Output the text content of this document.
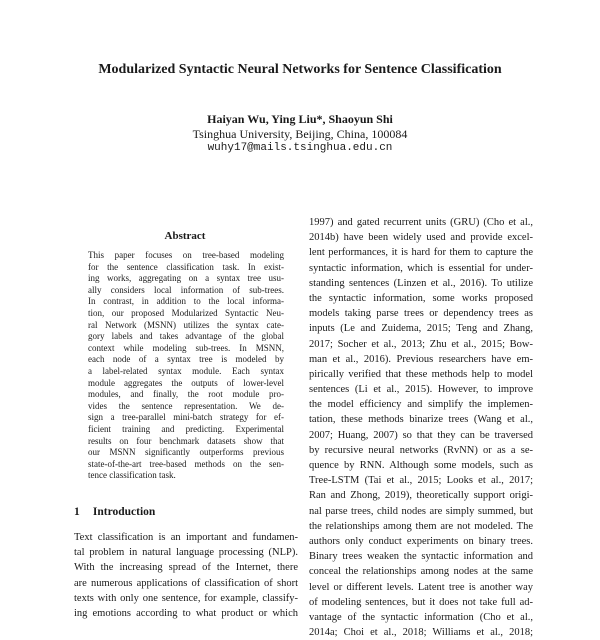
Modularized Syntactic Neural Networks for Sentence Classification
Haiyan Wu, Ying Liu*, Shaoyun Shi
Tsinghua University, Beijing, China, 100084
wuhy17@mails.tsinghua.edu.cn
Abstract
This paper focuses on tree-based modeling
for the sentence classification task. In exist-
ing works, aggregating on a syntax tree usu-
ally considers local information of sub-trees.
In contrast, in addition to the local informa-
tion, our proposed Modularized Syntactic Neu-
ral Network (MSNN) utilizes the syntax cate-
gory labels and takes advantage of the global
context while modeling sub-trees. In MSNN,
each node of a syntax tree is modeled by
a label-related syntax module. Each syntax
module aggregates the outputs of lower-level
modules, and finally, the root module pro-
vides the sentence representation. We de-
sign a tree-parallel mini-batch strategy for ef-
ficient training and predicting. Experimental
results on four benchmark datasets show that
our MSNN significantly outperforms previous
state-of-the-art tree-based methods on the sen-
tence classification task.
1 Introduction
Text classification is an important and fundamen-
tal problem in natural language processing (NLP).
With the increasing spread of the Internet, there
are numerous applications of classification of short
texts with only one sentence, for example, classify-
ing emotions according to what product or which
1997) and gated recurrent units (GRU) (Cho et al.,
2014b) have been widely used and provide excel-
lent performances, it is hard for them to capture the
syntactic information, which is essential for under-
standing sentences (Linzen et al., 2016). To utilize
the syntactic information, some works proposed
models taking parse trees or dependency trees as
inputs (Le and Zuidema, 2015; Teng and Zhang,
2017; Socher et al., 2013; Zhu et al., 2015; Bow-
man et al., 2016). Previous researchers have em-
pirically verified that these methods help to model
sentences (Li et al., 2015). However, to improve
the model efficiency and simplify the implemen-
tation, these methods binarize trees (Wang et al.,
2007; Huang, 2007) so that they can be traversed
by recursive neural networks (RvNN) or as a se-
quence by RNN. Although some models, such as
Tree-LSTM (Tai et al., 2015; Looks et al., 2017;
Ran and Zhong, 2019), theoretically support origi-
nal parse trees, child nodes are simply summed, but
the relationships among them are not modeled. The
authors only conduct experiments on binary trees.
Binary trees weaken the syntactic information and
conceal the relationships among nodes at the same
level or different levels. Latent tree is another way
of modeling sentences, but it does not take full ad-
vantage of the syntactic information (Cho et al.,
2014a; Choi et al., 2018; Williams et al., 2018;
